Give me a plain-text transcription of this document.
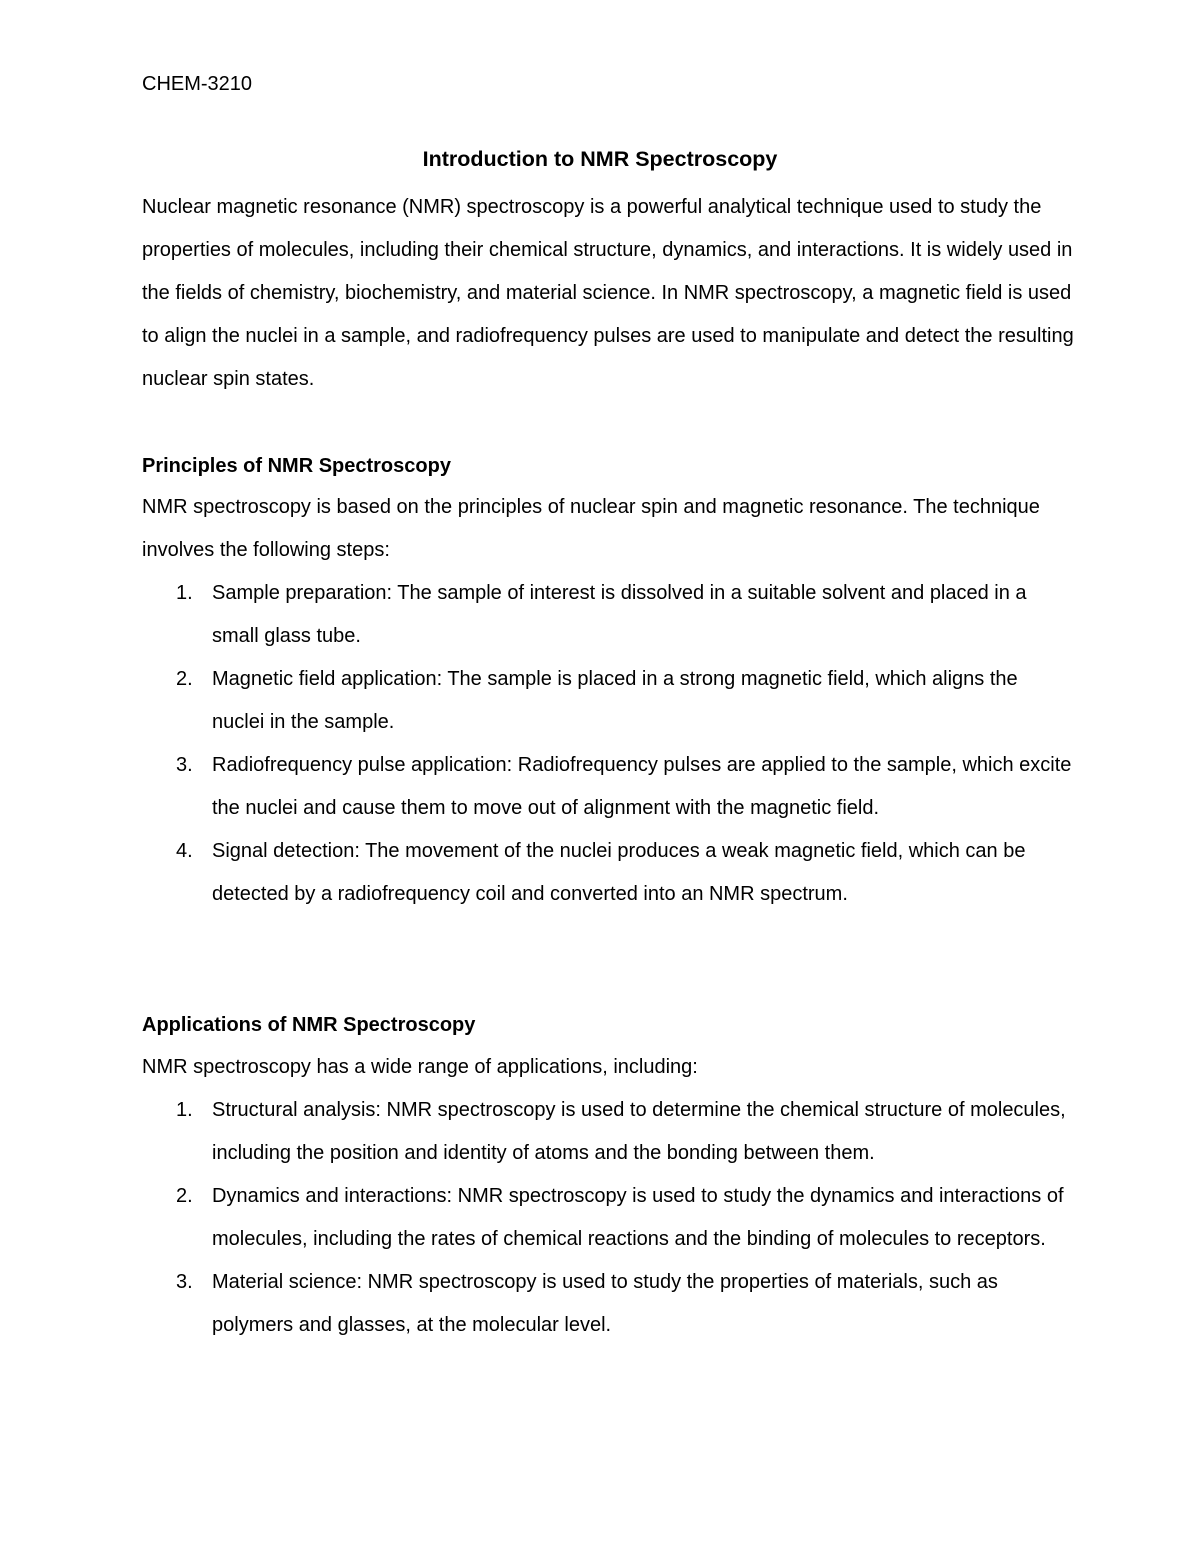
CHEM-3210

Introduction to NMR Spectroscopy

Nuclear magnetic resonance (NMR) spectroscopy is a powerful analytical technique used to study the properties of molecules, including their chemical structure, dynamics, and interactions. It is widely used in the fields of chemistry, biochemistry, and material science. In NMR spectroscopy, a magnetic field is used to align the nuclei in a sample, and radiofrequency pulses are used to manipulate and detect the resulting nuclear spin states.

Principles of NMR Spectroscopy

NMR spectroscopy is based on the principles of nuclear spin and magnetic resonance. The technique involves the following steps:

1. Sample preparation: The sample of interest is dissolved in a suitable solvent and placed in a small glass tube.
2. Magnetic field application: The sample is placed in a strong magnetic field, which aligns the nuclei in the sample.
3. Radiofrequency pulse application: Radiofrequency pulses are applied to the sample, which excite the nuclei and cause them to move out of alignment with the magnetic field.
4. Signal detection: The movement of the nuclei produces a weak magnetic field, which can be detected by a radiofrequency coil and converted into an NMR spectrum.
Applications of NMR Spectroscopy

NMR spectroscopy has a wide range of applications, including:

1. Structural analysis: NMR spectroscopy is used to determine the chemical structure of molecules, including the position and identity of atoms and the bonding between them.
2. Dynamics and interactions: NMR spectroscopy is used to study the dynamics and interactions of molecules, including the rates of chemical reactions and the binding of molecules to receptors.
3. Material science: NMR spectroscopy is used to study the properties of materials, such as polymers and glasses, at the molecular level.
